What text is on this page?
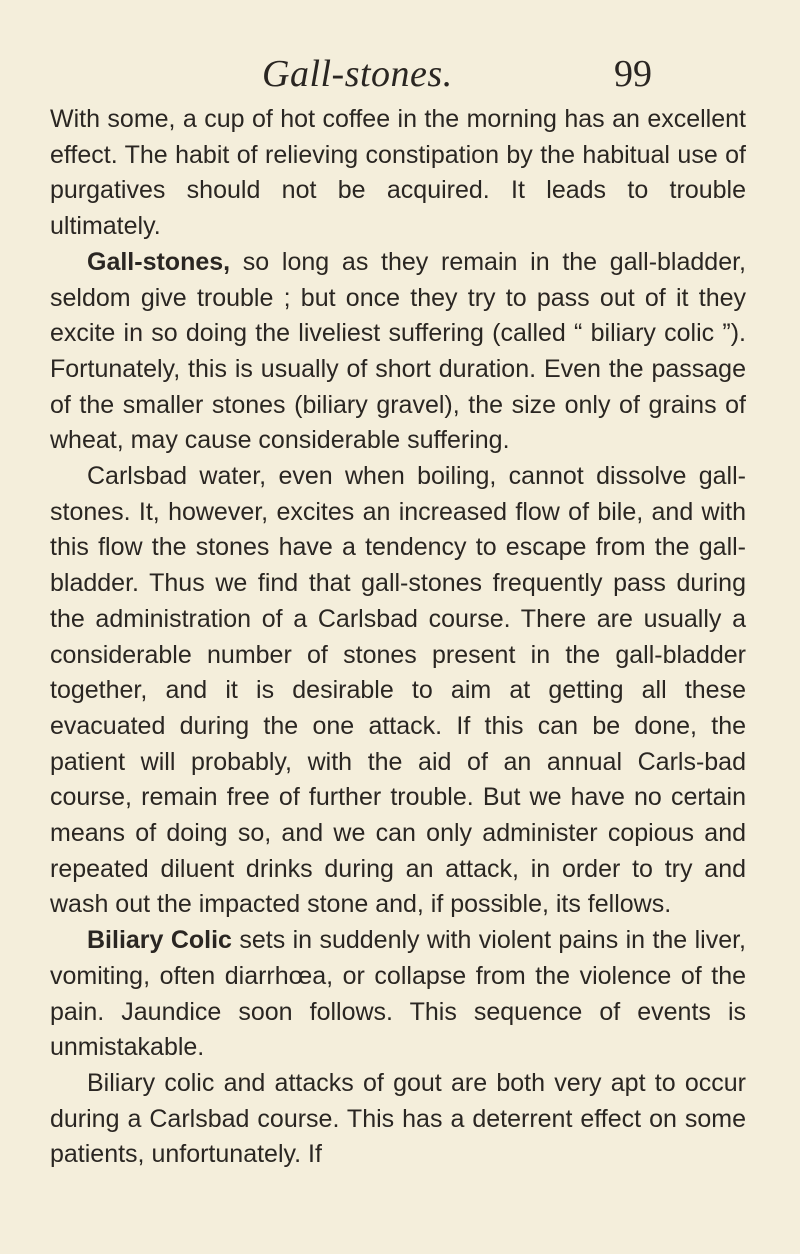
Gall-stones.	99

With some, a cup of hot coffee in the morning has an excellent effect. The habit of relieving constipation by the habitual use of purgatives should not be acquired. It leads to trouble ultimately.

Gall-stones, so long as they remain in the gall-bladder, seldom give trouble ; but once they try to pass out of it they excite in so doing the liveliest suffering (called “ biliary colic ”). Fortunately, this is usually of short duration. Even the passage of the smaller stones (biliary gravel), the size only of grains of wheat, may cause considerable suffering.

Carlsbad water, even when boiling, cannot dissolve gall-stones. It, however, excites an increased flow of bile, and with this flow the stones have a tendency to escape from the gall-bladder. Thus we find that gall-stones frequently pass during the administration of a Carlsbad course. There are usually a considerable number of stones present in the gall-bladder together, and it is desirable to aim at getting all these evacuated during the one attack. If this can be done, the patient will probably, with the aid of an annual Carls-bad course, remain free of further trouble. But we have no certain means of doing so, and we can only administer copious and repeated diluent drinks during an attack, in order to try and wash out the impacted stone and, if possible, its fellows.

Biliary Colic sets in suddenly with violent pains in the liver, vomiting, often diarrhœa, or collapse from the violence of the pain. Jaundice soon follows. This sequence of events is unmistakable.

Biliary colic and attacks of gout are both very apt to occur during a Carlsbad course. This has a deterrent effect on some patients, unfortunately. If
